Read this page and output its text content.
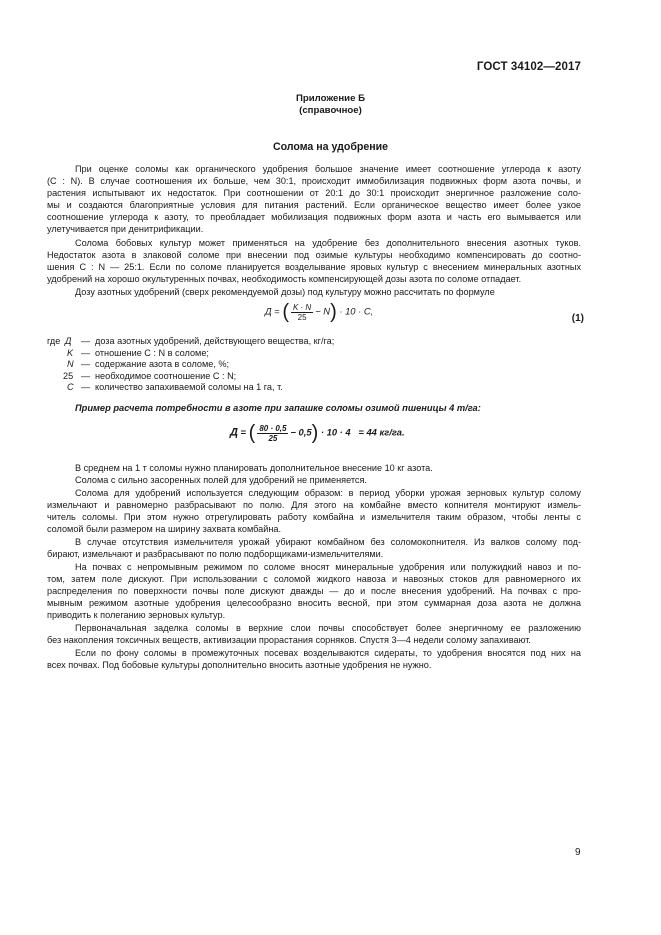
ГОСТ 34102—2017
Приложение Б
(справочное)
Солома на удобрение
При оценке соломы как органического удобрения большое значение имеет соотношение углерода к азоту
(C : N). В случае соотношения их больше, чем 30:1, происходит иммобилизация подвижных форм азота почвы, и
растения испытывают их недостаток. При соотношении от 20:1 до 30:1 происходит энергичное разложение соло-
мы и создаются благоприятные условия для питания растений. Если органическое вещество имеет более узкое
соотношение углерода к азоту, то преобладает мобилизация подвижных форм азота и часть его вымывается или
улетучивается при денитрификации.
Солома бобовых культур может применяться на удобрение без дополнительного внесения азотных туков.
Недостаток азота в злаковой соломе при внесении под озимые культуры необходимо компенсировать до соотно-
шения C : N — 25:1. Если по соломе планируется возделывание яровых культур с внесением минеральных азотных
удобрений на хорошо окультуренных почвах, необходимость компенсирующей дозы азота по соломе отпадает.
Дозу азотных удобрений (сверх рекомендуемой дозы) под культуру можно рассчитать по формуле
Д = ( $\frac{K \cdot N}{25} - N) \cdot 10 \cdot C$,
(1)
где Д — доза азотных удобрений, действующего вещества, кг/га;
K — отношение C : N в соломе;
N — содержание азота в соломе, %;
25 — необходимое соотношение C : N;
C — количество запахиваемой соломы на 1 га, т.
Пример расчета потребности в азоте при запашке соломы озимой пшеницы 4 т/га:
Д = ( $\frac{80 \cdot 0,5}{25} - 0,5) \cdot 10 \cdot 4 = 44$ кг/га.
В среднем на 1 т соломы нужно планировать дополнительное внесение 10 кг азота.
Солома с сильно засоренных полей для удобрений не применяется.
Солома для удобрений используется следующим образом: в период уборки урожая зерновых культур солому
измельчают и равномерно разбрасывают по полю. Для этого на комбайне вместо копнителя монтируют измель-
читель соломы. При этом нужно отрегулировать работу комбайна и измельчителя таким образом, чтобы ленты с
соломой были размером на ширину захвата комбайна.
В случае отсутствия измельчителя урожай убирают комбайном без соломокопнителя. Из валков солому под-
бирают, измельчают и разбрасывают по полю подборщиками-измельчителями.
На почвах с непромывным режимом по соломе вносят минеральные удобрения или полужидкий навоз и по-
том, затем поле дискуют. При использовании с соломой жидкого навоза и навозных стоков для равномерного их
распределения по поверхности почвы поле дискуют дважды — до и после внесения удобрений. На почвах с про-
мывным режимом азотные удобрения целесообразно вносить весной, при этом суммарная доза азота не должна
приводить к полеганию зерновых культур.
Первоначальная заделка соломы в верхние слои почвы способствует более энергичному ее разложению
без накопления токсичных веществ, активизации прорастания сорняков. Спустя 3—4 недели солому запахивают.
Если по фону соломы в промежуточных посевах возделываются сидераты, то удобрения вносятся под них на
всех почвах. Под бобовые культуры дополнительно вносить азотные удобрения не нужно.
9
